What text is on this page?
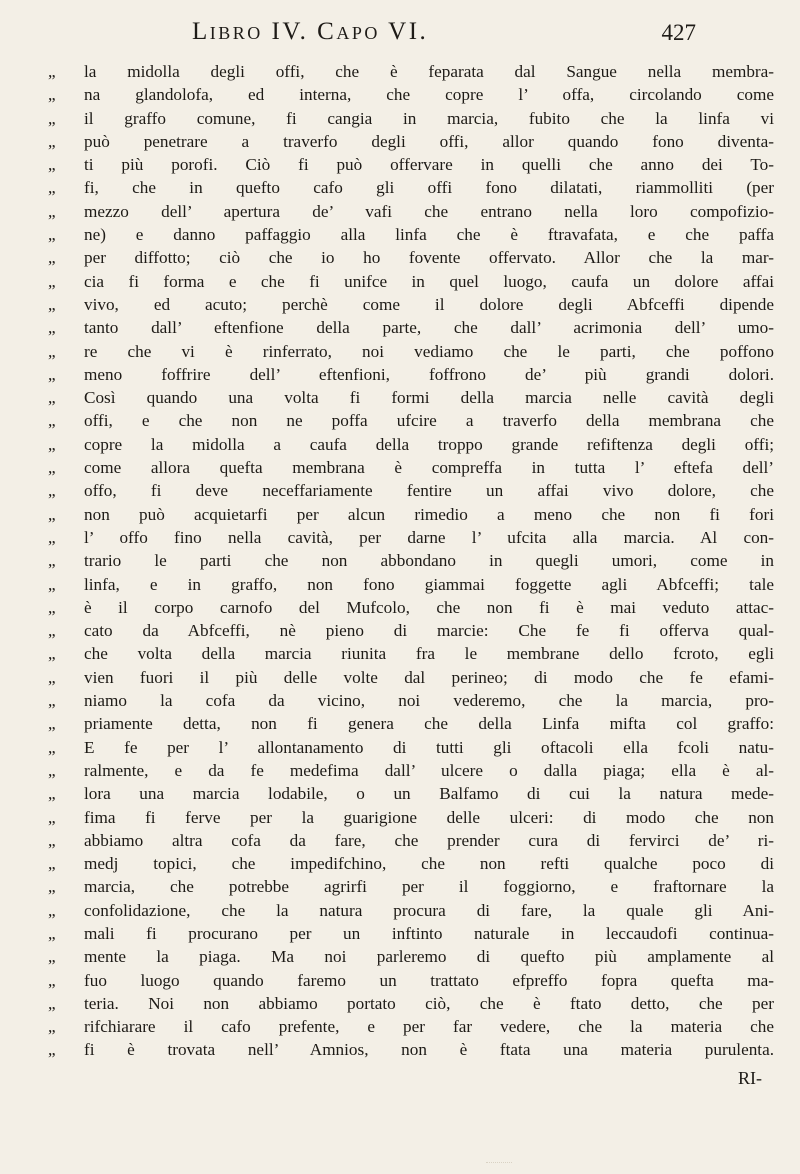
Libro IV. Capo VI.	427
„	la midolla degli offi, che è feparata dal Sangue nella membra-
„	na glandolofa, ed interna, che copre l’ offa, circolando come
„	il graffo comune, fi cangia in marcia, fubito che la linfa vi
„	può penetrare a traverfo degli offi, allor quando fono diventa-
„	ti più porofi. Ciò fi può offervare in quelli che anno dei To-
„	fi, che in quefto cafo gli offi fono dilatati, riammolliti (per
„	mezzo dell’ apertura de’ vafi che entrano nella loro compofizio-
„	ne) e danno paffaggio alla linfa che è ftravafata, e che paffa
„	per diffotto; ciò che io ho fovente offervato. Allor che la mar-
„	cia fi forma e che fi unifce in quel luogo, caufa un dolore affai
„	vivo, ed acuto; perchè come il dolore degli Abfceffi dipende
„	tanto dall’ eftenfione della parte, che dall’ acrimonia dell’ umo-
„	re che vi è rinferrato, noi vediamo che le parti, che poffono
„	meno foffrire dell’ eftenfioni, foffrono de’ più grandi dolori.
„	Così quando una volta fi formi della marcia nelle cavità degli
„	offi, e che non ne poffa ufcire a traverfo della membrana che
„	copre la midolla a caufa della troppo grande refiftenza degli offi;
„	come allora quefta membrana è compreffa in tutta l’ eftefa dell’
„	offo, fi deve neceffariamente fentire un affai vivo dolore, che
„	non può acquietarfi per alcun rimedio a meno che non fi fori
„	l’ offo fino nella cavità, per darne l’ ufcita alla marcia. Al con-
„	trario le parti che non abbondano in quegli umori, come in
„	linfa, e in graffo, non fono giammai foggette agli Abfceffi; tale
„	è il corpo carnofo del Mufcolo, che non fi è mai veduto attac-
„	cato da Abfceffi, nè pieno di marcie: Che fe fi offerva qual-
„	che volta della marcia riunita fra le membrane dello fcroto, egli
„	vien fuori il più delle volte dal perineo; di modo che fe efami-
„	niamo la cofa da vicino, noi vederemo, che la marcia, pro-
„	priamente detta, non fi genera che della Linfa mifta col graffo:
„	E fe per l’ allontanamento di tutti gli oftacoli ella fcoli natu-
„	ralmente, e da fe medefima dall’ ulcere o dalla piaga; ella è al-
„	lora una marcia lodabile, o un Balfamo di cui la natura mede-
„	fima fi ferve per la guarigione delle ulceri: di modo che non
„	abbiamo altra cofa da fare, che prender cura di fervirci de’ ri-
„	medj topici, che impedifchino, che non refti qualche poco di
„	marcia, che potrebbe agrirfi per il foggiorno, e fraftornare la
„	confolidazione, che la natura procura di fare, la quale gli Ani-
„	mali fi procurano per un inftinto naturale in leccaudofi continua-
„	mente la piaga. Ma noi parleremo di quefto più amplamente al
„	fuo luogo quando faremo un trattato efpreffo fopra quefta ma-
„	teria. Noi non abbiamo portato ciò, che è ftato detto, che per
„	rifchiarare il cafo prefente, e per far vedere, che la materia che
„	fi è trovata nell’ Amnios, non è ftata una materia purulenta.
RI-
